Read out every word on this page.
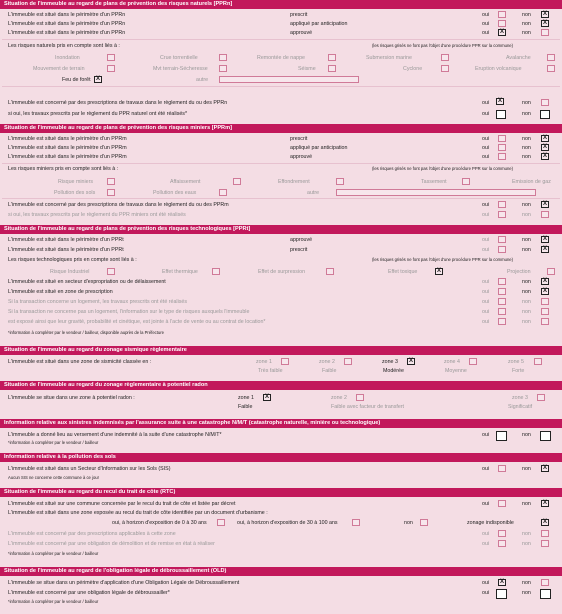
Situation de l'immeuble au regard de plans de prévention des risques naturels [PPRn]
L'immeuble est situé dans le périmètre d'un PPRn	prescrit	oui	non	X
L'immeuble est situé dans le périmètre d'un PPRn	appliqué par anticipation	oui	non	X
L'immeuble est situé dans le périmètre d'un PPRn	approuvé	oui	X	non
Les risques naturels pris en compte sont liés à :	(les risques grisés ne font pas l'objet d'une procédure PPR sur la commune)
Inondation	Crue torrentielle	Remontée de nappe	Submersion marine	Avalanche
Mouvement de terrain	Mvt terrain-Sécheresse	Séisme	Cyclone	Eruption volcanique
Feu de forêt X	autre
L'immeuble est concerné par des prescriptions de travaux dans le règlement du ou des PPRn	oui	X	non
si oui, les travaux prescrits par le règlement du PPR naturel ont été réalisés*	oui	non
Situation de l'immeuble au regard de plans de prévention des risques miniers [PPRm]
L'immeuble est situé dans le périmètre d'un PPRm	prescrit	oui	non	X
L'immeuble est situé dans le périmètre d'un PPRm	appliqué par anticipation	oui	non	X
L'immeuble est situé dans le périmètre d'un PPRm	approuvé	oui	non	X
Les risques miniers pris en compte sont liés à :	(les risques grisés ne font pas l'objet d'une procédure PPR sur la commune)
Risque miniers	Affaissement	Effondrement	Tassement	Emission de gaz
Pollution des sols	Pollution des eaux	autre
L'immeuble est concerné par des prescriptions de travaux dans le règlement du ou des PPRm	oui	non	X
si oui, les travaux prescrits par le règlement du PPR miniers ont été réalisés	oui	non
Situation de l'immeuble au regard de plans de prévention des risques technologiques [PPRt]
L'immeuble est situé dans le périmètre d'un PPRt	approuvé	oui	non	X
L'immeuble est situé dans le périmètre d'un PPRt	prescrit	oui	non	X
Les risques technologiques pris en compte sont liés à :	(les risques grisés ne font pas l'objet d'une procédure PPR sur la commune)
Risque Industriel	Effet thermique	Effet de surpression	Effet toxique	X	Projection
L'immeuble est situé en secteur d'expropriation ou de délaissement	oui	non	X
L'immeuble est situé en zone de prescription	oui	non	X
Si la transaction concerne un logement, les travaux prescrits ont été réalisés	oui	non
Si la transaction ne concerne pas un logement, l'information sur le type de risques auxquels l'immeuble	oui	non
est exposé ainsi que leur gravité, probabilité et cinétique, est jointe à l'acte de vente ou au contrat de location*	oui	non
*information à compléter par le vendeur / bailleur, disponible auprès de la Préfecture
Situation de l'immeuble au regard du zonage sismique règlementaire
L'immeuble est situé dans une zone de sismicité classée en :	zone 1	zone 2	zone 3	X	zone 4	zone 5
Très faible	Faible	Modérée	Moyenne	Forte
Situation de l'immeuble au regard du zonage règlementaire à potentiel radon
L'immeuble se situe dans une zone à potentiel radon :	zone 1	X	zone 2	zone 3
Faible	Faible avec facteur de transfert	Significatif
Information relative aux sinistres indemnisés par l'assurance suite à une catastrophe N/M/T (catastrophe naturelle, minière ou technologique)
L'immeuble a donné lieu au versement d'une indemnité à la suite d'une catastrophe N/M/T*	oui	non
*information à compléter par le vendeur / bailleur
Information relative à la pollution des sols
L'immeuble est situé dans un Secteur d'Information sur les Sols (SIS)	oui	non	X
Aucun SIS ne concerne cette commune à ce jour
Situation de l'immeuble au regard du recul du trait de côte (RTC)
L'immeuble est situé sur une commune concernée par le recul du trait de côte et listée par décret	oui	non	X
L'immeuble est situé dans une zone exposée au recul du trait de côte identifiée par un document d'urbanisme :
oui, à horizon d'exposition de 0 à 30 ans	oui, à horizon d'exposition de 30 à 100 ans	non	zonage indisponible	X
L'immeuble est concerné par des prescriptions applicables à cette zone	oui	non
L'immeuble est concerné par une obligation de démolition et de remise en état à réaliser	oui	non
*information à compléter par le vendeur / bailleur
Situation de l'immeuble au regard de l'obligation légale de débroussaillement (OLD)
L'immeuble se situe dans un périmètre d'application d'une Obligation Légale de Débroussaillement	oui	X	non
L'immeuble est concerné par une obligation légale de débroussailler*	oui	non
*information à compléter par le vendeur / bailleur
